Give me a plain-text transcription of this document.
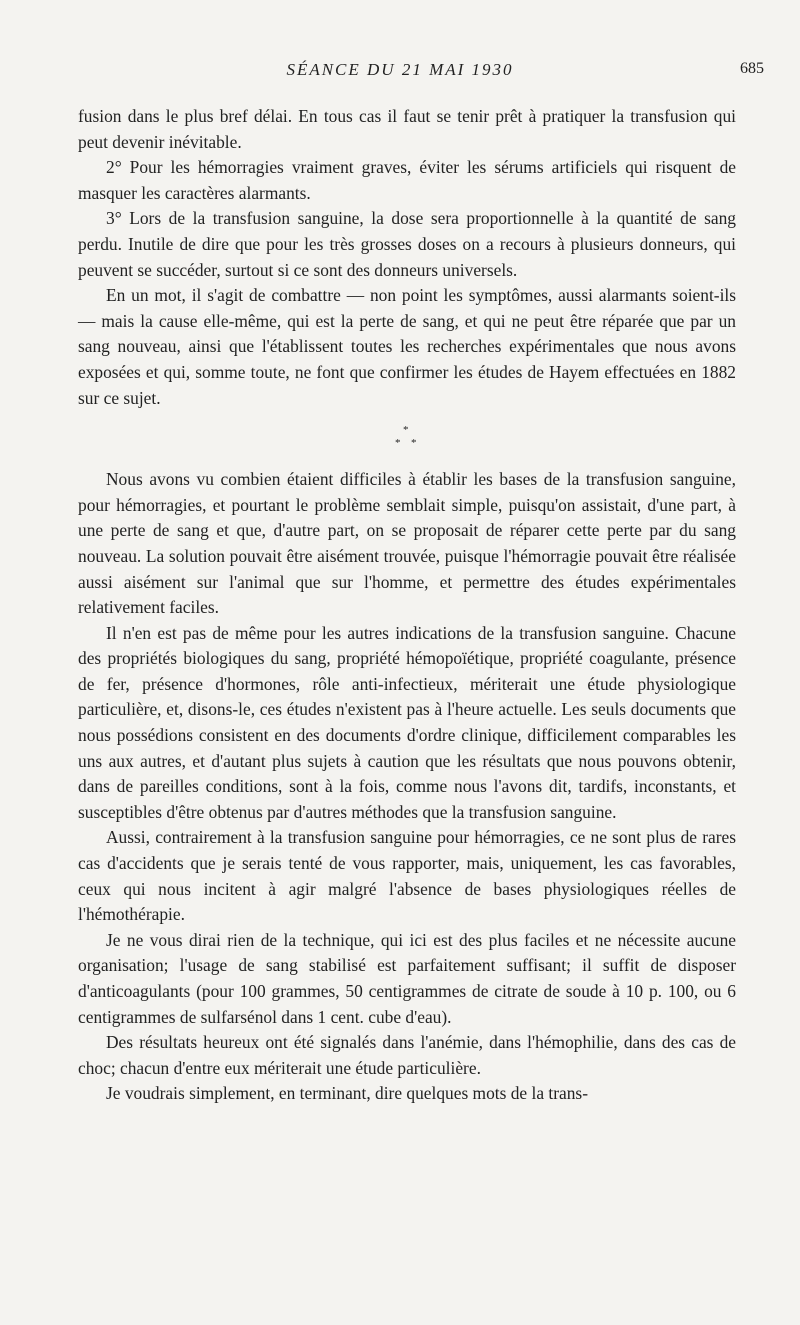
SÉANCE DU 21 MAI 1930	685

fusion dans le plus bref délai. En tous cas il faut se tenir prêt à pratiquer la transfusion qui peut devenir inévitable.

2° Pour les hémorragies vraiment graves, éviter les sérums artificiels qui risquent de masquer les caractères alarmants.

3° Lors de la transfusion sanguine, la dose sera proportionnelle à la quantité de sang perdu. Inutile de dire que pour les très grosses doses on a recours à plusieurs donneurs, qui peuvent se succéder, surtout si ce sont des donneurs universels.

En un mot, il s'agit de combattre — non point les symptômes, aussi alarmants soient-ils — mais la cause elle-même, qui est la perte de sang, et qui ne peut être réparée que par un sang nouveau, ainsi que l'établissent toutes les recherches expérimentales que nous avons exposées et qui, somme toute, ne font que confirmer les études de Hayem effectuées en 1882 sur ce sujet.

*
* *

Nous avons vu combien étaient difficiles à établir les bases de la transfusion sanguine, pour hémorragies, et pourtant le problème semblait simple, puisqu'on assistait, d'une part, à une perte de sang et que, d'autre part, on se proposait de réparer cette perte par du sang nouveau. La solution pouvait être aisément trouvée, puisque l'hémorragie pouvait être réalisée aussi aisément sur l'animal que sur l'homme, et permettre des études expérimentales relativement faciles.

Il n'en est pas de même pour les autres indications de la transfusion sanguine. Chacune des propriétés biologiques du sang, propriété hémopoïétique, propriété coagulante, présence de fer, présence d'hormones, rôle anti-infectieux, mériterait une étude physiologique particulière, et, disons-le, ces études n'existent pas à l'heure actuelle. Les seuls documents que nous possédions consistent en des documents d'ordre clinique, difficilement comparables les uns aux autres, et d'autant plus sujets à caution que les résultats que nous pouvons obtenir, dans de pareilles conditions, sont à la fois, comme nous l'avons dit, tardifs, inconstants, et susceptibles d'être obtenus par d'autres méthodes que la transfusion sanguine.

Aussi, contrairement à la transfusion sanguine pour hémorragies, ce ne sont plus de rares cas d'accidents que je serais tenté de vous rapporter, mais, uniquement, les cas favorables, ceux qui nous incitent à agir malgré l'absence de bases physiologiques réelles de l'hémothérapie.

Je ne vous dirai rien de la technique, qui ici est des plus faciles et ne nécessite aucune organisation; l'usage de sang stabilisé est parfaitement suffisant; il suffit de disposer d'anticoagulants (pour 100 grammes, 50 centigrammes de citrate de soude à 10 p. 100, ou 6 centigrammes de sulfarsénol dans 1 cent. cube d'eau).

Des résultats heureux ont été signalés dans l'anémie, dans l'hémophilie, dans des cas de choc; chacun d'entre eux mériterait une étude particulière.

Je voudrais simplement, en terminant, dire quelques mots de la trans-
